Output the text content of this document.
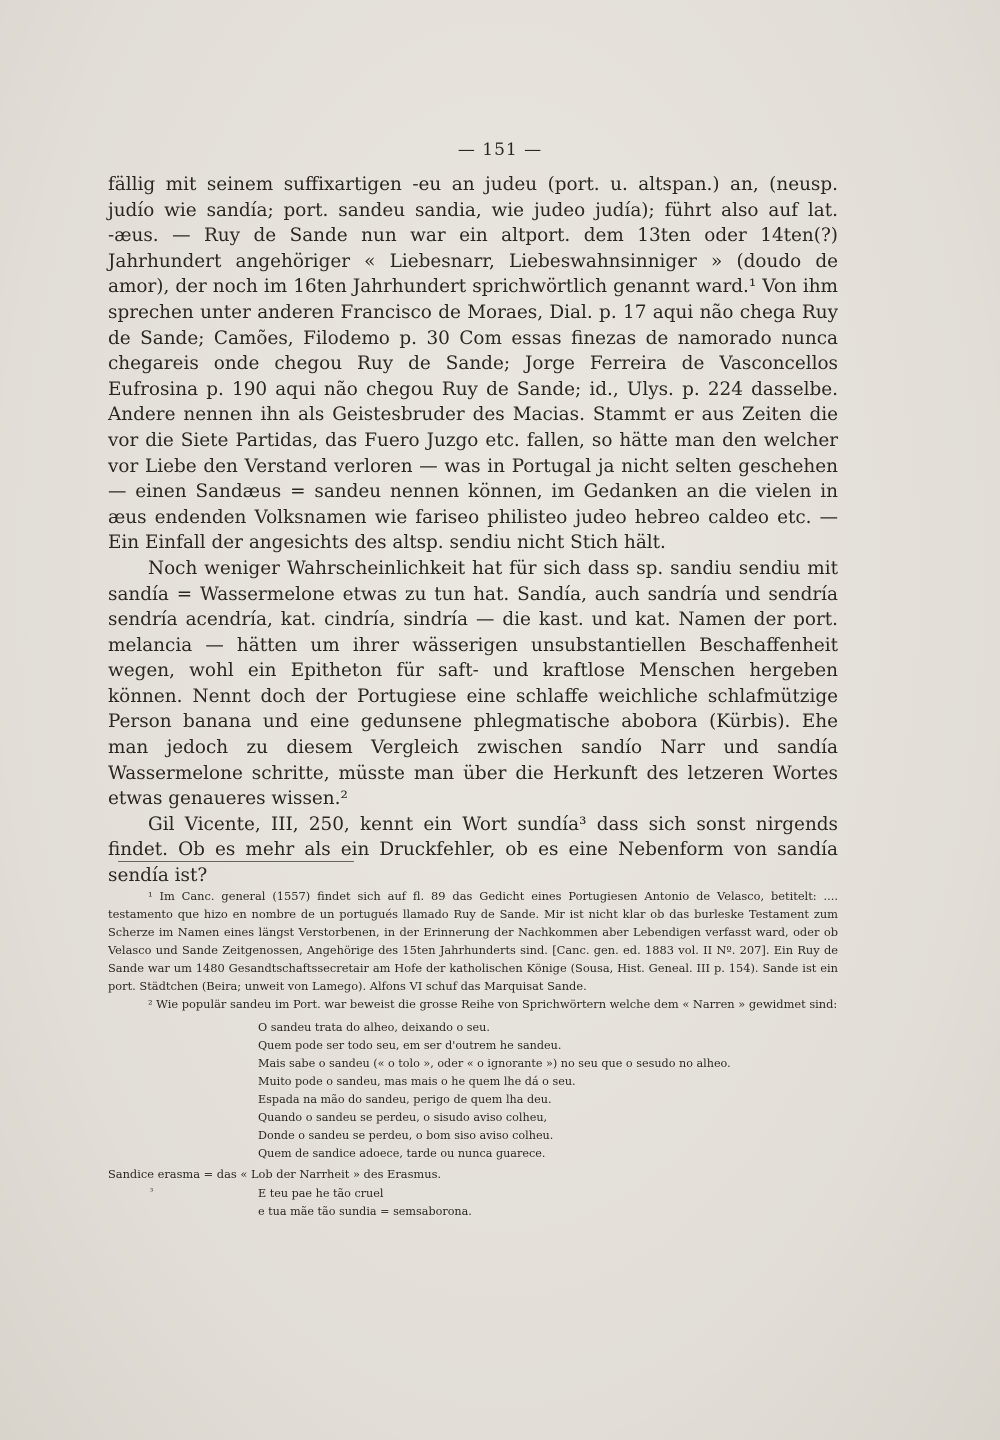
— 151 —

fällig mit seinem suffixartigen -eu an judeu (port. u. altspan.) an, (neusp. judío wie sandía; port. sandeu sandia, wie judeo judía); führt also auf lat. -æus. — Ruy de Sande nun war ein altport. dem 13ten oder 14ten(?) Jahrhundert angehöriger « Liebesnarr, Liebeswahnsinniger » (doudo de amor), der noch im 16ten Jahrhundert sprichwörtlich genannt ward.¹ Von ihm sprechen unter anderen Francisco de Moraes, Dial. p. 17 aqui não chega Ruy de Sande; Camões, Filodemo p. 30 Com essas finezas de namorado nunca chegareis onde chegou Ruy de Sande; Jorge Ferreira de Vasconcellos Eufrosina p. 190 aqui não chegou Ruy de Sande; id., Ulys. p. 224 dasselbe. Andere nennen ihn als Geistesbruder des Macias. Stammt er aus Zeiten die vor die Siete Partidas, das Fuero Juzgo etc. fallen, so hätte man den welcher vor Liebe den Verstand verloren — was in Portugal ja nicht selten geschehen — einen Sandæus = sandeu nennen können, im Gedanken an die vielen in æus endenden Volksnamen wie fariseo philisteo judeo hebreo caldeo etc. — Ein Einfall der angesichts des altsp. sendiu nicht Stich hält.

Noch weniger Wahrscheinlichkeit hat für sich dass sp. sandiu sendiu mit sandía = Wassermelone etwas zu tun hat. Sandía, auch sandría und sendría sendría acendría, kat. cindría, sindría — die kast. und kat. Namen der port. melancia — hätten um ihrer wässerigen unsubstantiellen Beschaffenheit wegen, wohl ein Epitheton für saft- und kraftlose Menschen hergeben können. Nennt doch der Portugiese eine schlaffe weichliche schlafmützige Person banana und eine gedunsene phlegmatische abobora (Kürbis). Ehe man jedoch zu diesem Vergleich zwischen sandío Narr und sandía Wassermelone schritte, müsste man über die Herkunft des letzeren Wortes etwas genaueres wissen.²

Gil Vicente, III, 250, kennt ein Wort sundía³ dass sich sonst nirgends findet. Ob es mehr als ein Druckfehler, ob es eine Nebenform von sandía sendía ist?

¹ Im Canc. general (1557) findet sich auf fl. 89 das Gedicht eines Portugiesen Antonio de Velasco, betitelt: .... testamento que hizo en nombre de un portugués llamado Ruy de Sande. Mir ist nicht klar ob das burleske Testament zum Scherze im Namen eines längst Verstorbenen, in der Erinnerung der Nachkommen aber Lebendigen verfasst ward, oder ob Velasco und Sande Zeitgenossen, Angehörige des 15ten Jahrhunderts sind. [Canc. gen. ed. 1883 vol. II Nº. 207]. Ein Ruy de Sande war um 1480 Gesandtschaftssecretair am Hofe der katholischen Könige (Sousa, Hist. Geneal. III p. 154). Sande ist ein port. Städtchen (Beira; unweit von Lamego). Alfons VI schuf das Marquisat Sande.

² Wie populär sandeu im Port. war beweist die grosse Reihe von Sprichwörtern welche dem « Narren » gewidmet sind:

O sandeu trata do alheo, deixando o seu.
Quem pode ser todo seu, em ser d'outrem he sandeu.
Mais sabe o sandeu (« o tolo », oder « o ignorante ») no seu que o sesudo no alheo.
Muito pode o sandeu, mas mais o he quem lhe dá o seu.
Espada na mão do sandeu, perigo de quem lha deu.
Quando o sandeu se perdeu, o sisudo aviso colheu,
Donde o sandeu se perdeu, o bom siso aviso colheu.
Quem de sandice adoece, tarde ou nunca guarece.

Sandice erasma = das « Lob der Narrheit » des Erasmus.

³	E teu pae he tão cruel
e tua mãe tão sundia = semsaborona.
